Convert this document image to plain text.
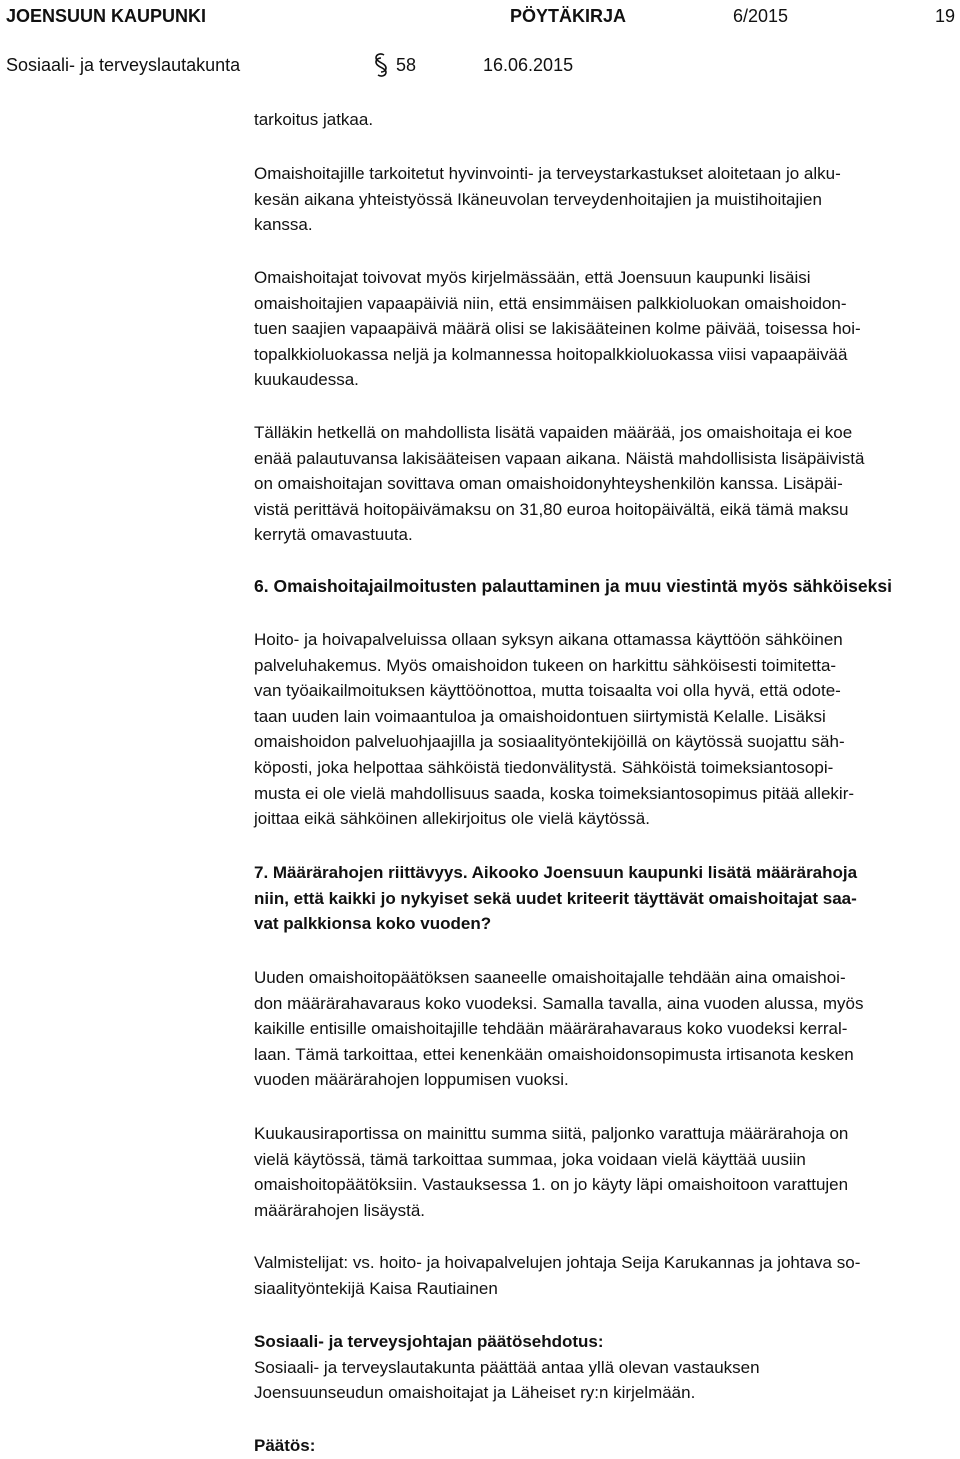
JOENSUUN KAUPUNKI	PÖYTÄKIRJA	6/2015	19
Sosiaali- ja terveyslautakunta	58	16.06.2015
tarkoitus jatkaa.
Omaishoitajille tarkoitetut hyvinvointi- ja terveystarkastukset aloitetaan jo alku-
kesän aikana yhteistyössä Ikäneuvolan terveydenhoitajien ja muistihoitajien
kanssa.
Omaishoitajat toivovat myös kirjelmässään, että Joensuun kaupunki lisäisi
omaishoitajien vapaapäiviä niin, että ensimmäisen palkkioluokan omaishoidon-
tuen saajien vapaapäivä määrä olisi se lakisääteinen kolme päivää, toisessa hoi-
topalkkioluokassa neljä ja kolmannessa hoitopalkkioluokassa viisi vapaapäivää
kuukaudessa.
Tälläkin hetkellä on mahdollista lisätä vapaiden määrää, jos omaishoitaja ei koe
enää palautuvansa lakisääteisen vapaan aikana. Näistä mahdollisista lisäpäivistä
on omaishoitajan sovittava oman omaishoidonyhteyshenkilön kanssa. Lisäpäi-
vistä perittävä hoitopäivämaksu on 31,80 euroa hoitopäivältä, eikä tämä maksu
kerrytä omavastuuta.
6. Omaishoitajailmoitusten palauttaminen ja muu viestintä myös sähköiseksi
Hoito- ja hoivapalveluissa ollaan syksyn aikana ottamassa käyttöön sähköinen
palveluhakemus. Myös omaishoidon tukeen on harkittu sähköisesti toimitetta-
van työaikailmoituksen käyttöönottoa, mutta toisaalta voi olla hyvä, että odote-
taan uuden lain voimaantuloa ja omaishoidontuen siirtymistä Kelalle. Lisäksi
omaishoidon palveluohjaajilla ja sosiaalityöntekijöillä on käytössä suojattu säh-
köposti, joka helpottaa sähköistä tiedonvälitystä. Sähköistä toimeksiantosopi-
musta ei ole vielä mahdollisuus saada, koska toimeksiantosopimus pitää allekir-
joittaa eikä sähköinen allekirjoitus ole vielä käytössä.
7. Määrärahojen riittävyys. Aikooko Joensuun kaupunki lisätä määrärahoja
niin, että kaikki jo nykyiset sekä uudet kriteerit täyttävät omaishoitajat saa-
vat palkkionsa koko vuoden?
Uuden omaishoitopäätöksen saaneelle omaishoitajalle tehdään aina omaishoi-
don määrärahavaraus koko vuodeksi. Samalla tavalla, aina vuoden alussa, myös
kaikille entisille omaishoitajille tehdään määrärahavaraus koko vuodeksi kerral-
laan. Tämä tarkoittaa, ettei kenenkään omaishoidonsopimusta irtisanota kesken
vuoden määrärahojen loppumisen vuoksi.
Kuukausiraportissa on mainittu summa siitä, paljonko varattuja määrärahoja on
vielä käytössä, tämä tarkoittaa summaa, joka voidaan vielä käyttää uusiin
omaishoitopäätöksiin. Vastauksessa 1. on jo käyty läpi omaishoitoon varattujen
määrärahojen lisäystä.
Valmistelijat: vs. hoito- ja hoivapalvelujen johtaja Seija Karukannas ja johtava so-
siaalityöntekijä Kaisa Rautiainen
Sosiaali- ja terveysjohtajan päätösehdotus:
Sosiaali- ja terveyslautakunta päättää antaa yllä olevan vastauksen
Joensuunseudun omaishoitajat ja Läheiset ry:n kirjelmään.
Päätös:
